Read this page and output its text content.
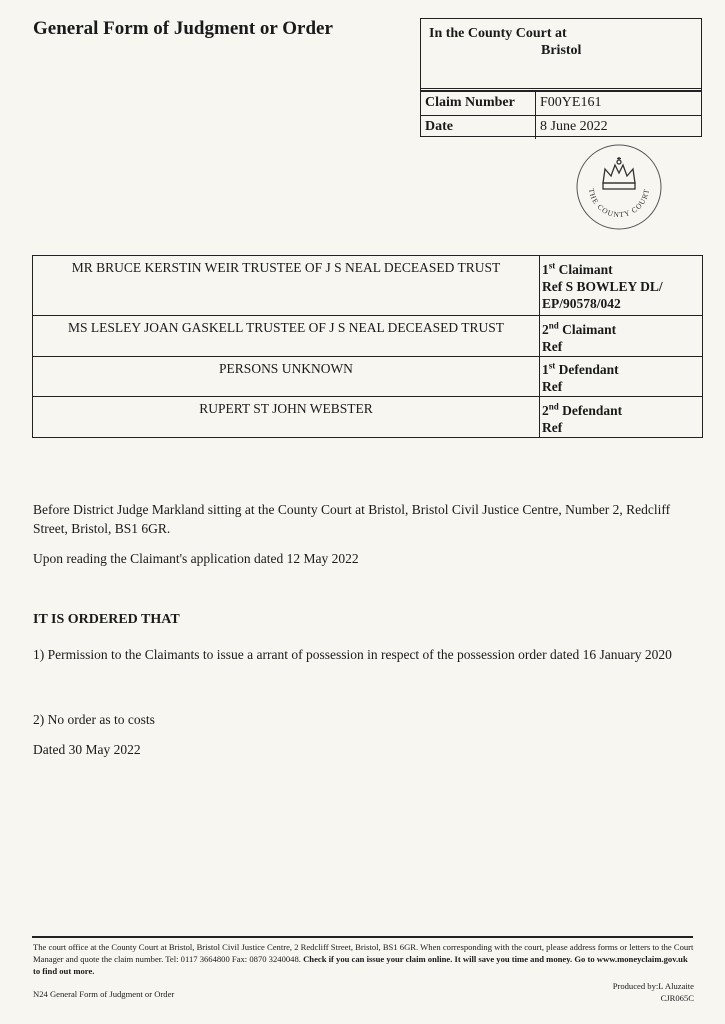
General Form of Judgment or Order	In the County Court at
Bristol
Claim Number	F00YE161
Date	8 June 2022
THE COUNTY COURT
MR BRUCE KERSTIN WEIR TRUSTEE OF J S NEAL DECEASED TRUST	1st Claimant
Ref S BOWLEY DL/ EP/90578/042
MS LESLEY JOAN GASKELL TRUSTEE OF J S NEAL DECEASED TRUST	2nd Claimant
Ref
PERSONS UNKNOWN	1st Defendant
Ref
RUPERT ST JOHN WEBSTER	2nd Defendant
Ref
Before District Judge Markland sitting at the County Court at Bristol, Bristol Civil Justice Centre, Number 2, Redcliff Street, Bristol, BS1 6GR.
Upon reading the Claimant's application dated 12 May 2022
IT IS ORDERED THAT
1) Permission to the Claimants to issue a arrant of possession in respect of the possession order dated 16 January 2020
2) No order as to costs
Dated 30 May 2022
The court office at the County Court at Bristol, Bristol Civil Justice Centre, 2 Redcliff Street, Bristol, BS1 6GR. When corresponding with the court, please address forms or letters to the Court Manager and quote the claim number. Tel: 0117 3664800 Fax: 0870 3240048. Check if you can issue your claim online. It will save you time and money. Go to www.moneyclaim.gov.uk to find out more.
N24 General Form of Judgment or Order
Produced by:L Aluzaite
CJR065C
